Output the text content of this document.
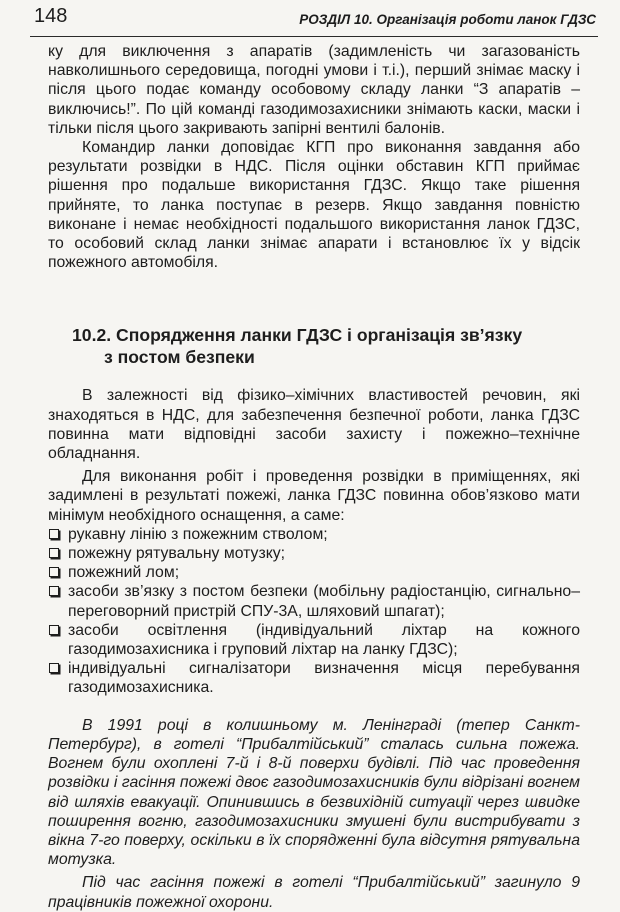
148	РОЗДІЛ 10. Організація роботи ланок ГДЗС

ку для виключення з апаратів (задимленість чи загазованість навколишнього середовища, погодні умови і т.і.), перший знімає маску і після цього подає команду особовому складу ланки “З апаратів – виключись!”. По цій команді газодимозахисники знімають каски, маски і тільки після цього закривають запірні вентилі балонів.

Командир ланки доповідає КГП про виконання завдання або результати розвідки в НДС. Після оцінки обставин КГП приймає рішення про подальше використання ГДЗС. Якщо таке рішення прийняте, то ланка поступає в резерв. Якщо завдання повністю виконане і немає необхідності подальшого використання ланок ГДЗС, то особовий склад ланки знімає апарати і встановлює їх у відсік пожежного автомобіля.

10.2. Спорядження ланки ГДЗС і організація зв’язку
з постом безпеки

В залежності від фізико–хімічних властивостей речовин, які знаходяться в НДС, для забезпечення безпечної роботи, ланка ГДЗС повинна мати відповідні засоби захисту і пожежно–технічне обладнання.

Для виконання робіт і проведення розвідки в приміщеннях, які задимлені в результаті пожежі, ланка ГДЗС повинна обов’язково мати мінімум необхідного оснащення, а саме:

рукавну лінію з пожежним стволом;
пожежну рятувальну мотузку;
пожежний лом;
засоби зв’язку з постом безпеки (мобільну радіостанцію, сигнально–переговорний пристрій СПУ-3А, шляховий шпагат);
засоби освітлення (індивідуальний ліхтар на кожного газодимозахисника і груповий ліхтар на ланку ГДЗС);
індивідуальні сигналізатори визначення місця перебування газодимозахисника.

В 1991 році в колишньому м. Ленінграді (тепер Санкт-Петербург), в готелі “Прибалтійський” сталась сильна пожежа. Вогнем були охоплені 7-й і 8-й поверхи будівлі. Під час проведення розвідки і гасіння пожежі двоє газодимозахисників були відрізані вогнем від шляхів евакуації. Опинившись в безвихідній ситуації через швидке поширення вогню, газодимозахисники змушені були вистрибувати з вікна 7-го поверху, оскільки в їх спорядженні була відсутня рятувальна мотузка.

Під час гасіння пожежі в готелі “Прибалтійський” загинуло 9 працівників пожежної охорони.
